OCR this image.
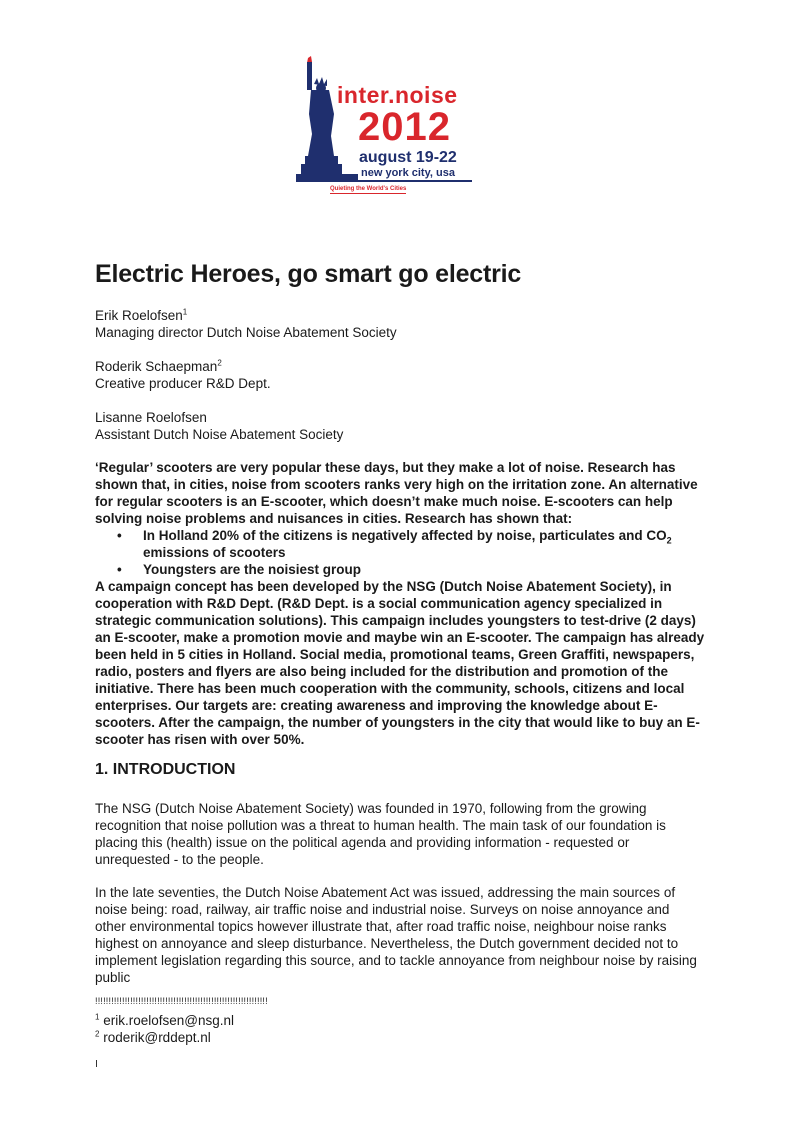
inter.noise
2012
august 19-22
new york city, usa
Quieting the World's Cities
Electric Heroes, go smart go electric
Erik Roelofsen$^1$
Managing director Dutch Noise Abatement Society
Roderik Schaepman$^2$
Creative producer R&D Dept.
Lisanne Roelofsen
Assistant Dutch Noise Abatement Society

‘Regular’ scooters are very popular these days, but they make a lot of noise. Research has shown that, in cities, noise from scooters ranks very high on the irritation zone. An alternative for regular scooters is an E-scooter, which doesn’t make much noise. E-scooters can help solving noise problems and nuisances in cities. Research has shown that:

• In Holland 20% of the citizens is negatively affected by noise, particulates and $CO_2$
emissions of scooters
• Youngsters are the noisiest group

A campaign concept has been developed by the NSG (Dutch Noise Abatement Society), in cooperation with R&D Dept. (R&D Dept. is a social communication agency specialized in strategic communication solutions). This campaign includes youngsters to test-drive (2 days) an E-scooter, make a promotion movie and maybe win an E-scooter. The campaign has already been held in 5 cities in Holland. Social media, promotional teams, Green Graffiti, newspapers, radio, posters and flyers are also being included for the distribution and promotion of the initiative. There has been much cooperation with the community, schools, citizens and local enterprises. Our targets are: creating awareness and improving the knowledge about E-scooters. After the campaign, the number of youngsters in the city that would like to buy an E-scooter has risen with over 50%.

1. INTRODUCTION

The NSG (Dutch Noise Abatement Society) was founded in 1970, following from the growing recognition that noise pollution was a threat to human health. The main task of our foundation is placing this (health) issue on the political agenda and providing information - requested or unrequested - to the people.

In the late seventies, the Dutch Noise Abatement Act was issued, addressing the main sources of noise being: road, railway, air traffic noise and industrial noise. Surveys on noise annoyance and other environmental topics however illustrate that, after road traffic noise, neighbour noise ranks highest on annoyance and sleep disturbance. Nevertheless, the Dutch government decided not to implement legislation regarding this source, and to tackle annoyance from neighbour noise by raising public

!!!!!!!!!!!!!!!!!!!!!!!!!!!!!!!!!!!!!!!!!!!!!!!!!!!!!!!!!!!!!!!!
$^1$ erik.roelofsen@nsg.nl
$^2$ roderik@rddept.nl
